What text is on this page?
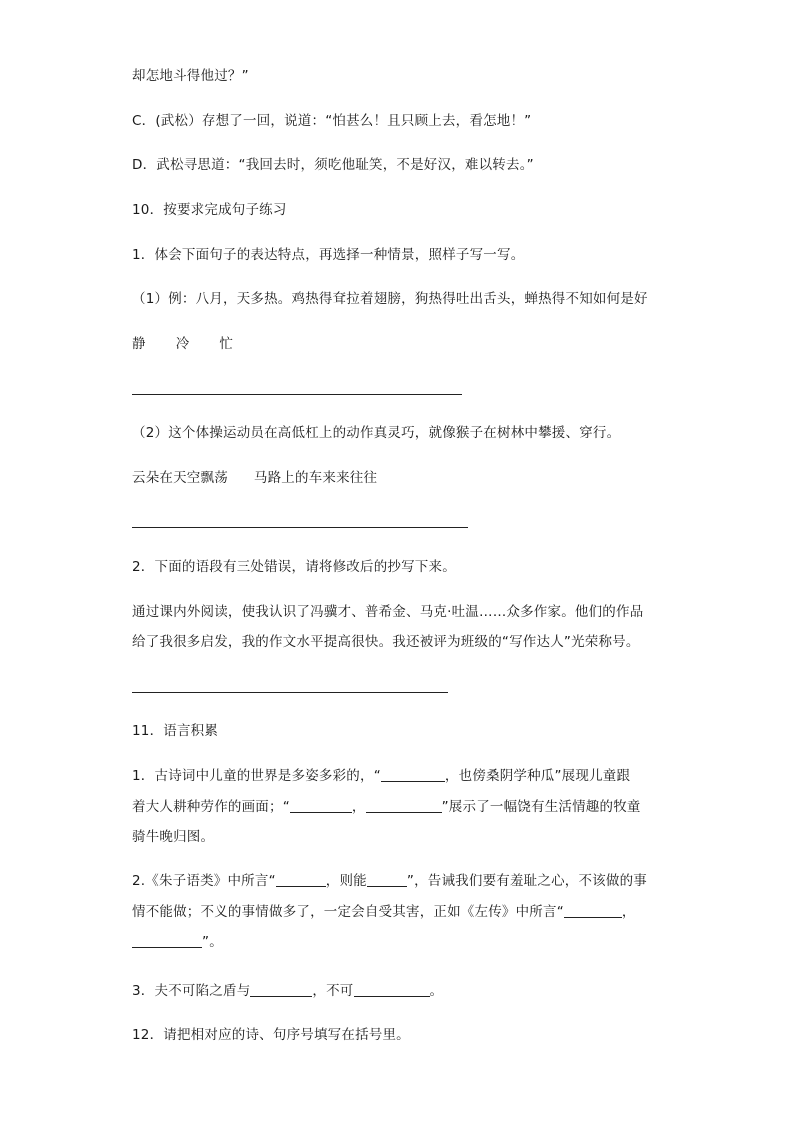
却怎地斗得他过？”

C．(武松）存想了一回，说道：“怕甚么！且只顾上去，看怎地！”

D．武松寻思道：“我回去时，须吃他耻笑，不是好汉，难以转去。”

10．按要求完成句子练习

1．体会下面句子的表达特点，再选择一种情景，照样子写一写。

（1）例：八月，天多热。鸡热得耷拉着翅膀，狗热得吐出舌头，蝉热得不知如何是好

静 冷 忙

（2）这个体操运动员在高低杠上的动作真灵巧，就像猴子在树林中攀援、穿行。

云朵在天空飘荡 马路上的车来来往往

2．下面的语段有三处错误，请将修改后的抄写下来。

通过课内外阅读，使我认识了冯骥才、普希金、马克·吐温……众多作家。他们的作品

给了我很多启发，我的作文水平提高很快。我还被评为班级的“写作达人”光荣称号。

11．语言积累

1．古诗词中儿童的世界是多姿多彩的，“	，也傍桑阴学种瓜”展现儿童跟

着大人耕种劳作的画面；“	，	”展示了一幅饶有生活情趣的牧童

骑牛晚归图。

2.《朱子语类》中所言“	，则能	”，告诫我们要有羞耻之心，不该做的事

情不能做；不义的事情做多了，一定会自受其害，正如《左传》中所言“	，

”。

3．夫不可陷之盾与	，不可	。

12．请把相对应的诗、句序号填写在括号里。
